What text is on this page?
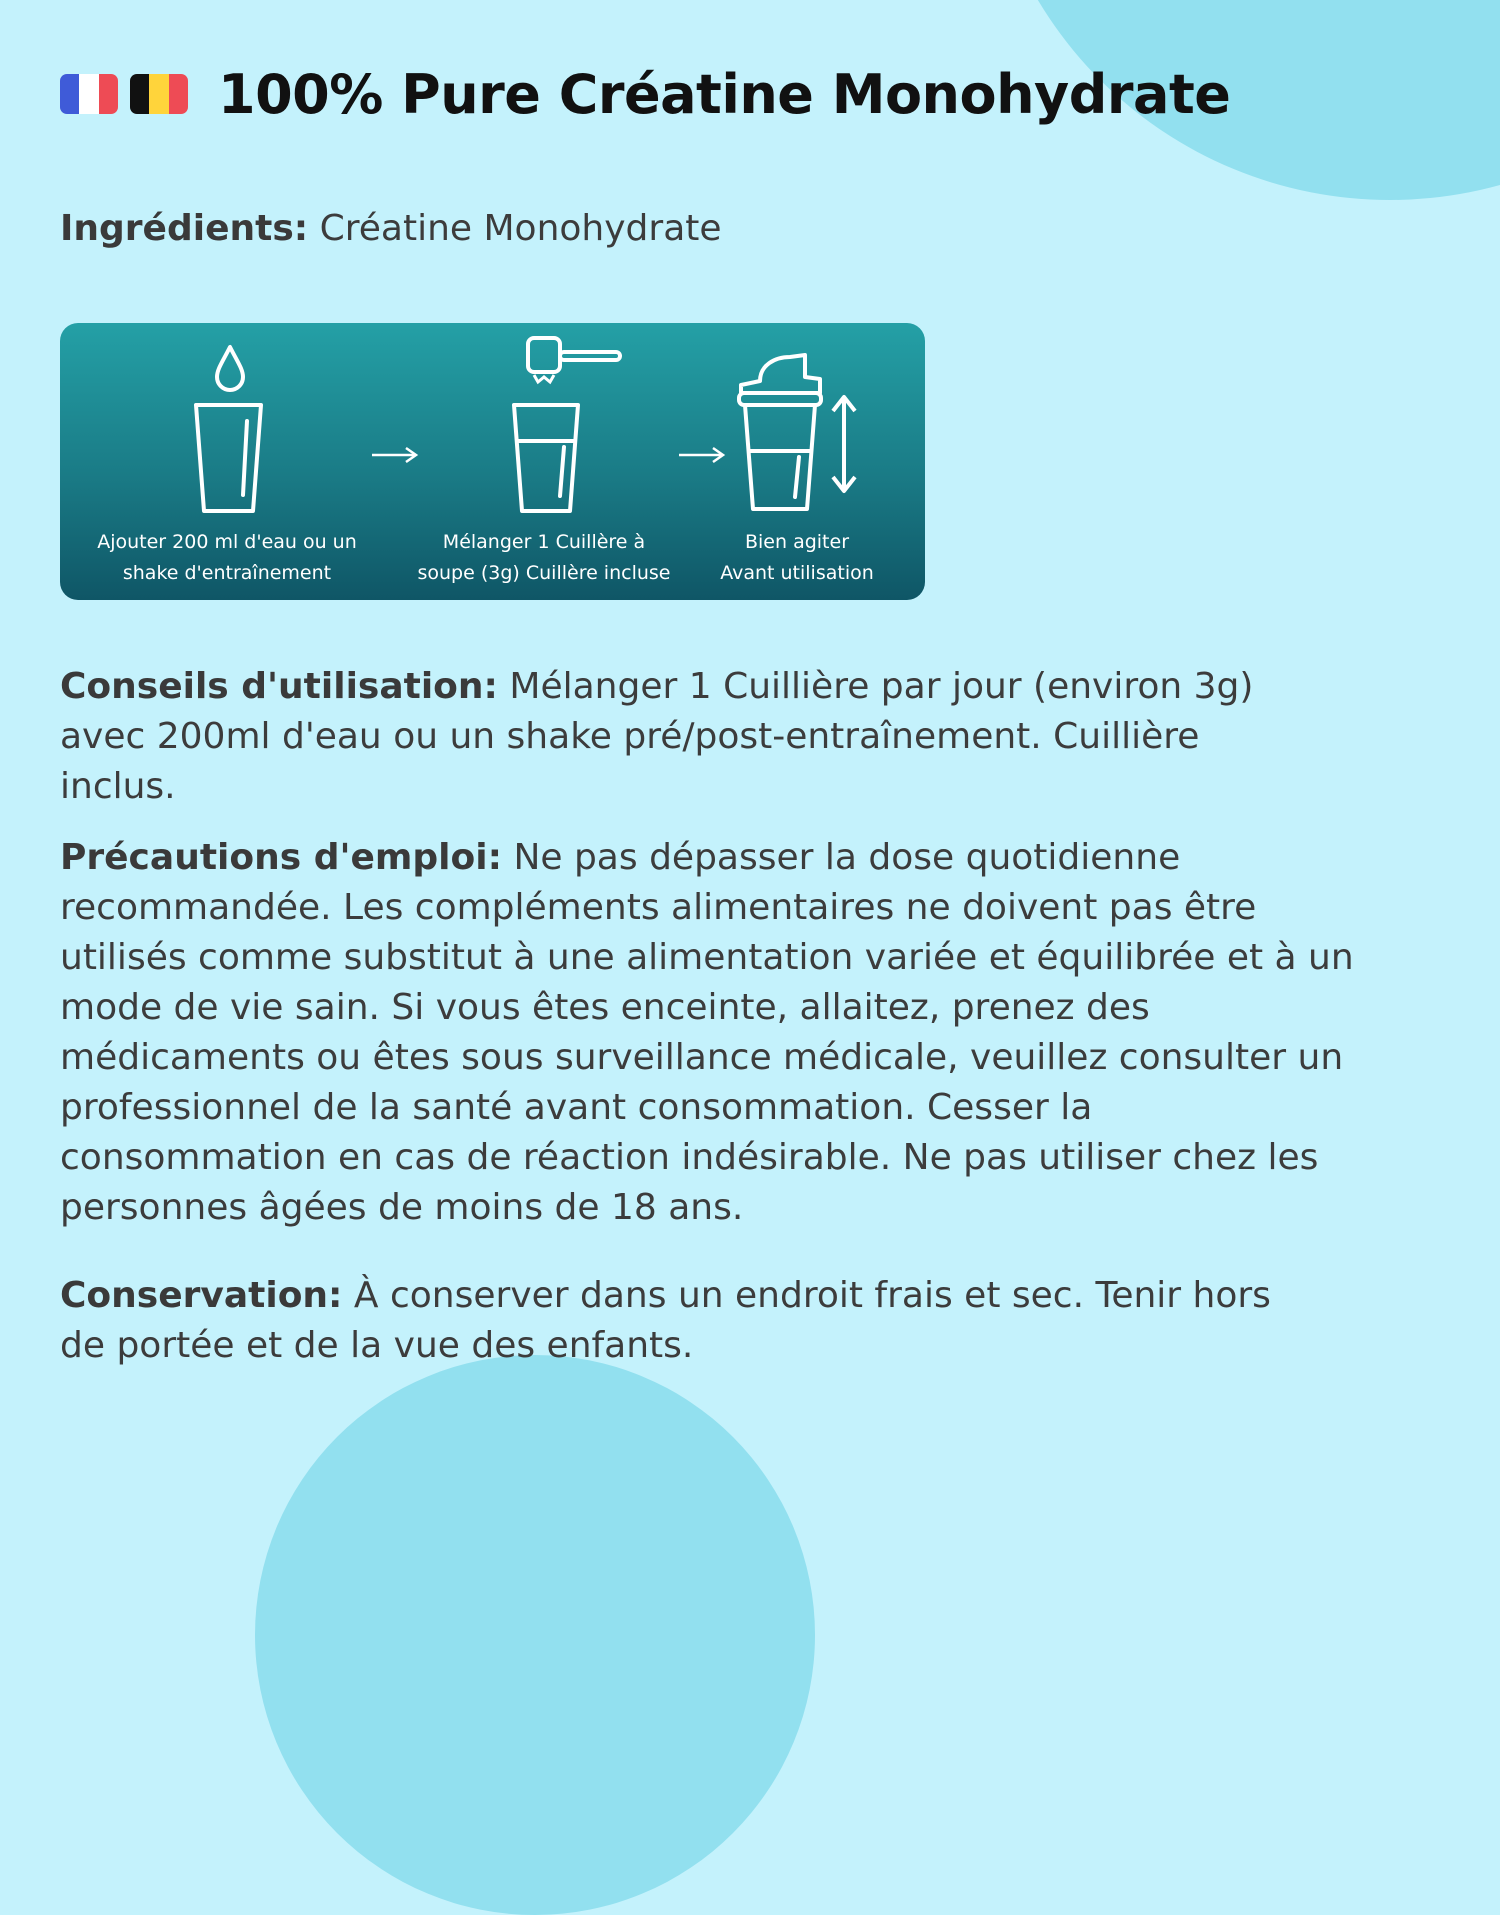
100% Pure Créatine Monohydrate
Ingrédients: Créatine Monohydrate
Ajouter 200 ml d'eau ou un
shake d'entraînement
Mélanger 1 Cuillère à
soupe (3g) Cuillère incluse
Bien agiter
Avant utilisation
Conseils d'utilisation: Mélanger 1 Cuillière par jour (environ 3g)
avec 200ml d'eau ou un shake pré/post-entraînement. Cuillière
inclus.
Précautions d'emploi: Ne pas dépasser la dose quotidienne
recommandée. Les compléments alimentaires ne doivent pas être
utilisés comme substitut à une alimentation variée et équilibrée et à un
mode de vie sain. Si vous êtes enceinte, allaitez, prenez des
médicaments ou êtes sous surveillance médicale, veuillez consulter un
professionnel de la santé avant consommation. Cesser la
consommation en cas de réaction indésirable. Ne pas utiliser chez les
personnes âgées de moins de 18 ans.
Conservation: À conserver dans un endroit frais et sec. Tenir hors
de portée et de la vue des enfants.
